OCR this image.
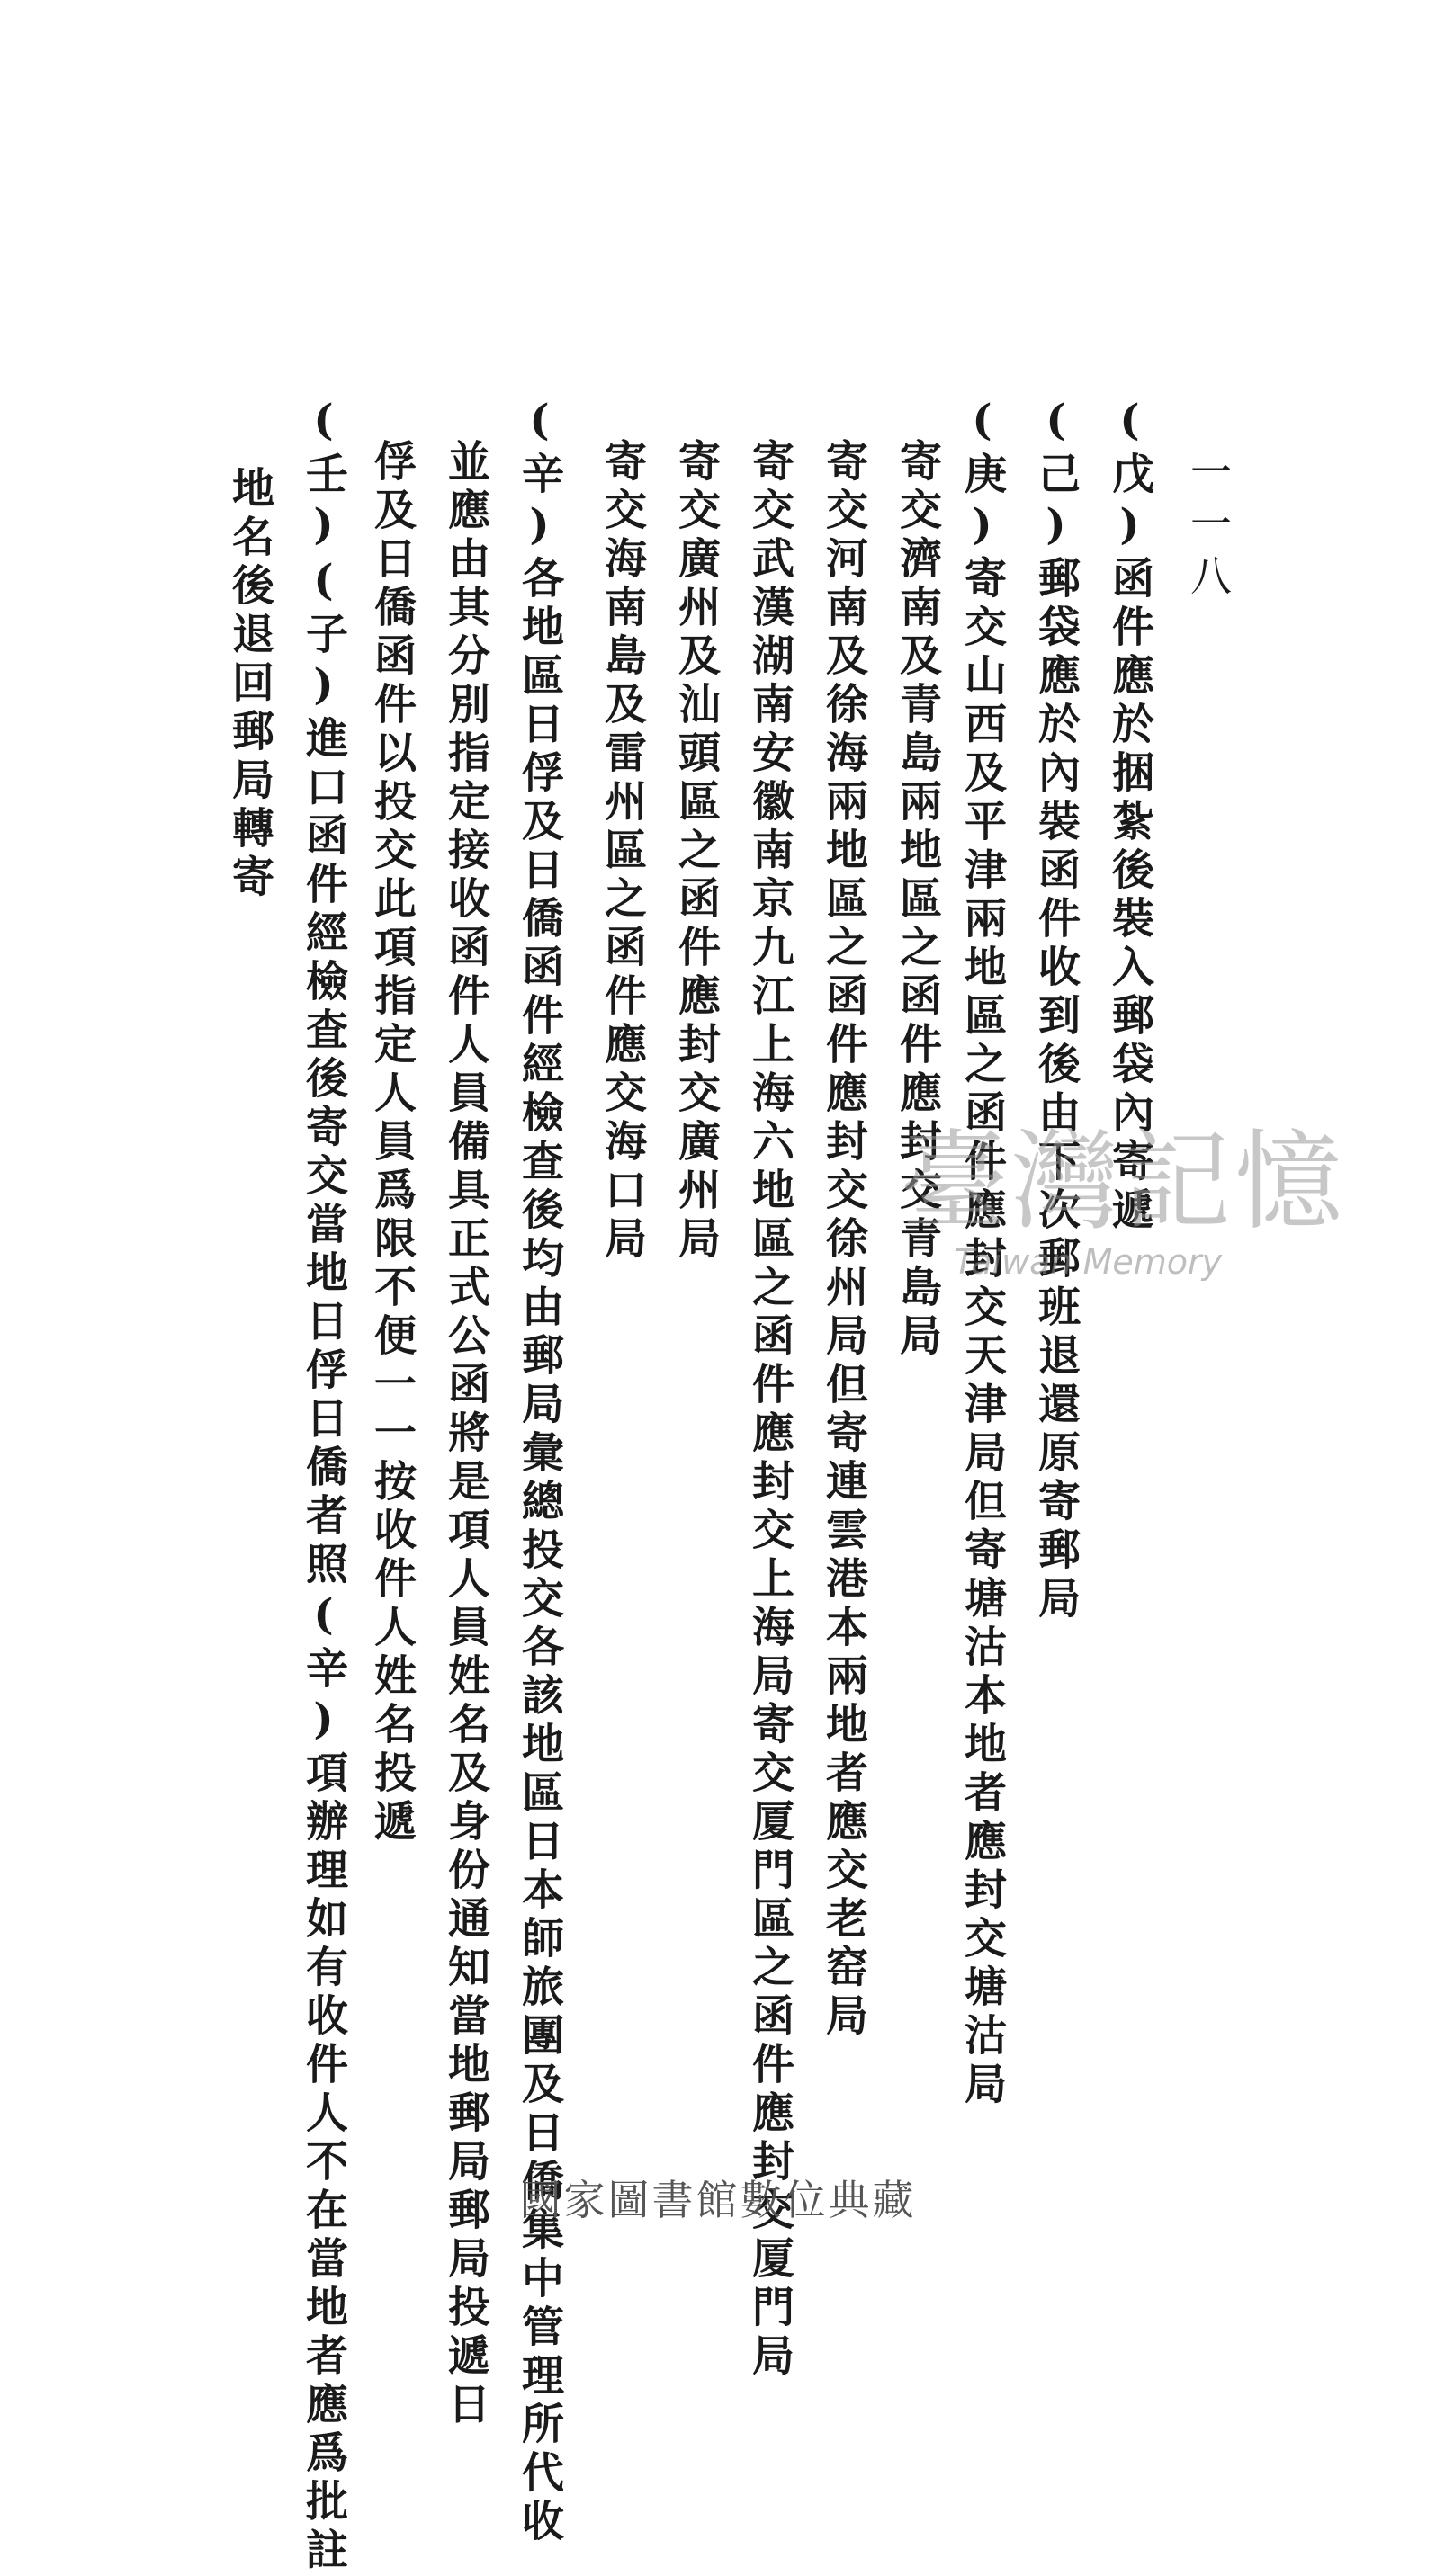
一一八
(戊)函件應於捆紮後裝入郵袋內寄遞
(己)郵袋應於內裝函件收到後由下次郵班退還原寄郵局
(庚)寄交山西及平津兩地區之函件應封交天津局但寄塘沽本地者應封交塘沽局
寄交濟南及青島兩地區之函件應封交青島局
寄交河南及徐海兩地區之函件應封交徐州局但寄連雲港本兩地者應交老窑局
寄交武漢湖南安徽南京九江上海六地區之函件應封交上海局寄交厦門區之函件應封交厦門局
寄交廣州及汕頭區之函件應封交廣州局
寄交海南島及雷州區之函件應交海口局
(辛)各地區日俘及日僑函件經檢查後均由郵局彙總投交各該地區日本師旅團及日僑集中管理所代收
並應由其分別指定接收函件人員備具正式公函將是項人員姓名及身份通知當地郵局郵局投遞日
俘及日僑函件以投交此項指定人員爲限不便一一按收件人姓名投遞
(壬)(子)進口函件經檢査後寄交當地日俘日僑者照(辛)項辦理如有收件人不在當地者應爲批註
地名後退回郵局轉寄
臺灣記憶
Taiwan Memory
國家圖書館數位典藏
